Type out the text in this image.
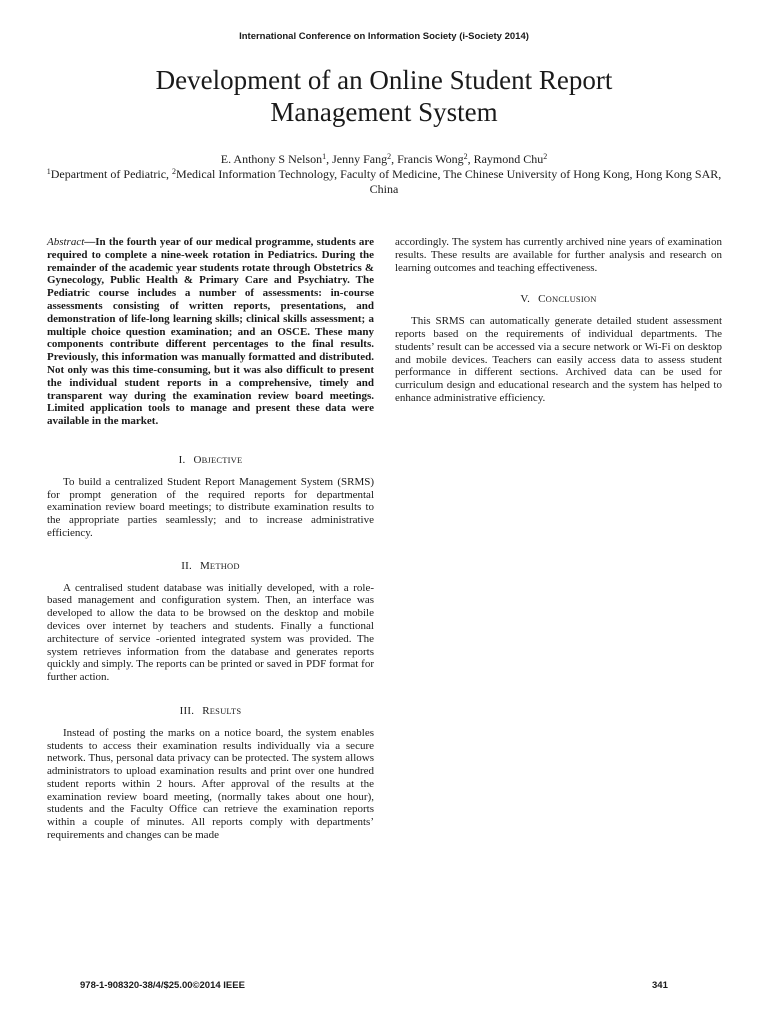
International Conference on Information Society (i-Society 2014)
Development of an Online Student Report
Management System
E. Anthony S Nelson$^1$, Jenny Fang$^2$, Francis Wong$^2$, Raymond Chu$^2$
$^1$Department of Pediatric, $^2$Medical Information Technology, Faculty of Medicine, The Chinese University of Hong Kong, Hong Kong SAR, China

Abstract—In the fourth year of our medical programme, students are required to complete a nine-week rotation in Pediatrics. During the remainder of the academic year students rotate through Obstetrics & Gynecology, Public Health & Primary Care and Psychiatry. The Pediatric course includes a number of assessments: in-course assessments consisting of written reports, presentations, and demonstration of life-long learning skills; clinical skills assessment; a multiple choice question examination; and an OSCE. These many components contribute different percentages to the final results. Previously, this information was manually formatted and distributed. Not only was this time-consuming, but it was also difficult to present the individual student reports in a comprehensive, timely and transparent way during the examination review board meetings. Limited application tools to manage and present these data were available in the market.

I. OBJECTIVE

To build a centralized Student Report Management System (SRMS) for prompt generation of the required reports for departmental examination review board meetings; to distribute examination results to the appropriate parties seamlessly; and to increase administrative efficiency.

II. METHOD

A centralised student database was initially developed, with a role-based management and configuration system. Then, an interface was developed to allow the data to be browsed on the desktop and mobile devices over internet by teachers and students. Finally a functional architecture of service -oriented integrated system was provided. The system retrieves information from the database and generates reports quickly and simply. The reports can be printed or saved in PDF format for further action.

III. RESULTS

Instead of posting the marks on a notice board, the system enables students to access their examination results individually via a secure network. Thus, personal data privacy can be protected. The system allows administrators to upload examination results and print over one hundred student reports within 2 hours. After approval of the results at the examination review board meeting, (normally takes about one hour), students and the Faculty Office can retrieve the examination reports within a couple of minutes. All reports comply with departments’ requirements and changes can be made

accordingly. The system has currently archived nine years of examination results. These results are available for further analysis and research on learning outcomes and teaching effectiveness.

V. CONCLUSION

This SRMS can automatically generate detailed student assessment reports based on the requirements of individual departments. The students’ result can be accessed via a secure network or Wi-Fi on desktop and mobile devices. Teachers can easily access data to assess student performance in different sections. Archived data can be used for curriculum design and educational research and the system has helped to enhance administrative efficiency.

978-1-908320-38/4/$25.00©2014 IEEE	341
